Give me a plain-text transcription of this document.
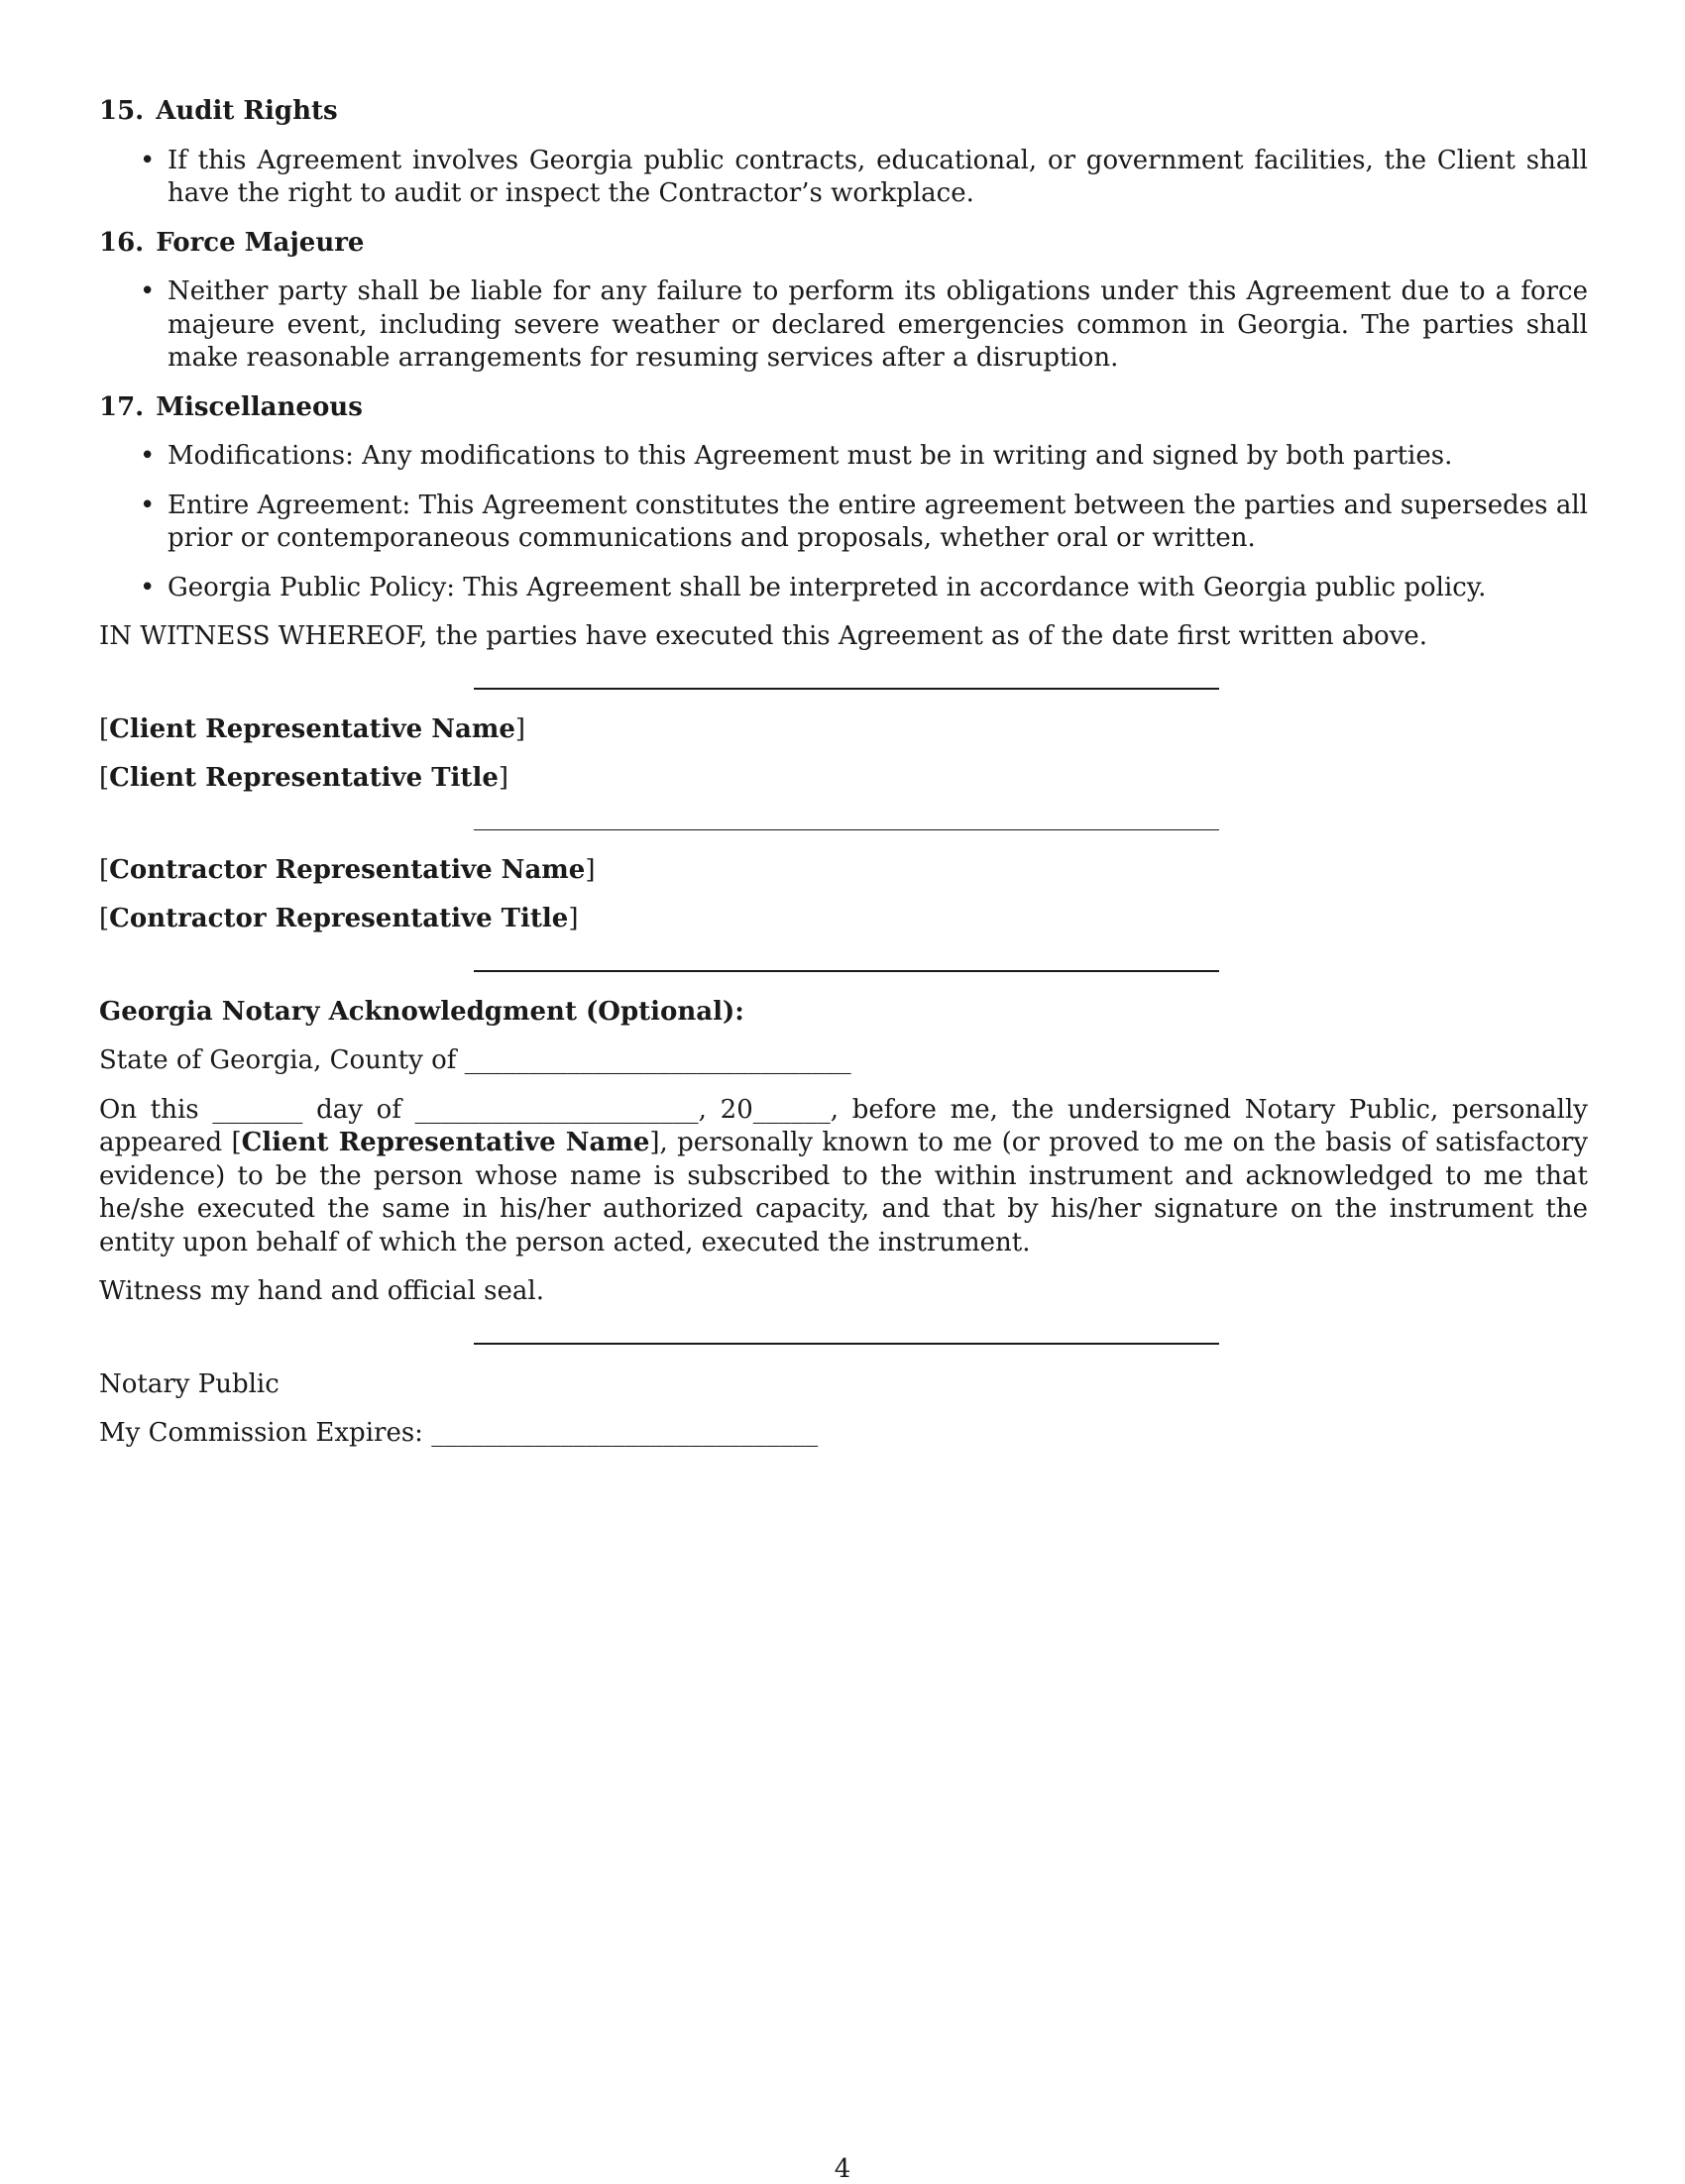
15. Audit Rights
• If this Agreement involves Georgia public contracts, educational, or government facilities, the Client shall have the right to audit or inspect the Contractor’s workplace.
16. Force Majeure
• Neither party shall be liable for any failure to perform its obligations under this Agreement due to a force majeure event, including severe weather or declared emergencies common in Georgia. The parties shall make reasonable arrangements for resuming services after a disruption.
17. Miscellaneous
• Modifications: Any modifications to this Agreement must be in writing and signed by both parties.
• Entire Agreement: This Agreement constitutes the entire agreement between the parties and supersedes all prior or contemporaneous communications and proposals, whether oral or written.
• Georgia Public Policy: This Agreement shall be interpreted in accordance with Georgia public policy.

IN WITNESS WHEREOF, the parties have executed this Agreement as of the date first written above.

[Client Representative Name]

[Client Representative Title]

[Contractor Representative Name]

[Contractor Representative Title]

Georgia Notary Acknowledgment (Optional):

State of Georgia, County of ______________________________

On this _______ day of ______________________, 20______, before me, the undersigned Notary Public, personally appeared [Client Representative Name], personally known to me (or proved to me on the basis of satisfactory evidence) to be the person whose name is subscribed to the within instrument and acknowledged to me that he/she executed the same in his/her authorized capacity, and that by his/her signature on the instrument the entity upon behalf of which the person acted, executed the instrument.

Witness my hand and official seal.

Notary Public

My Commission Expires: ______________________________

4
